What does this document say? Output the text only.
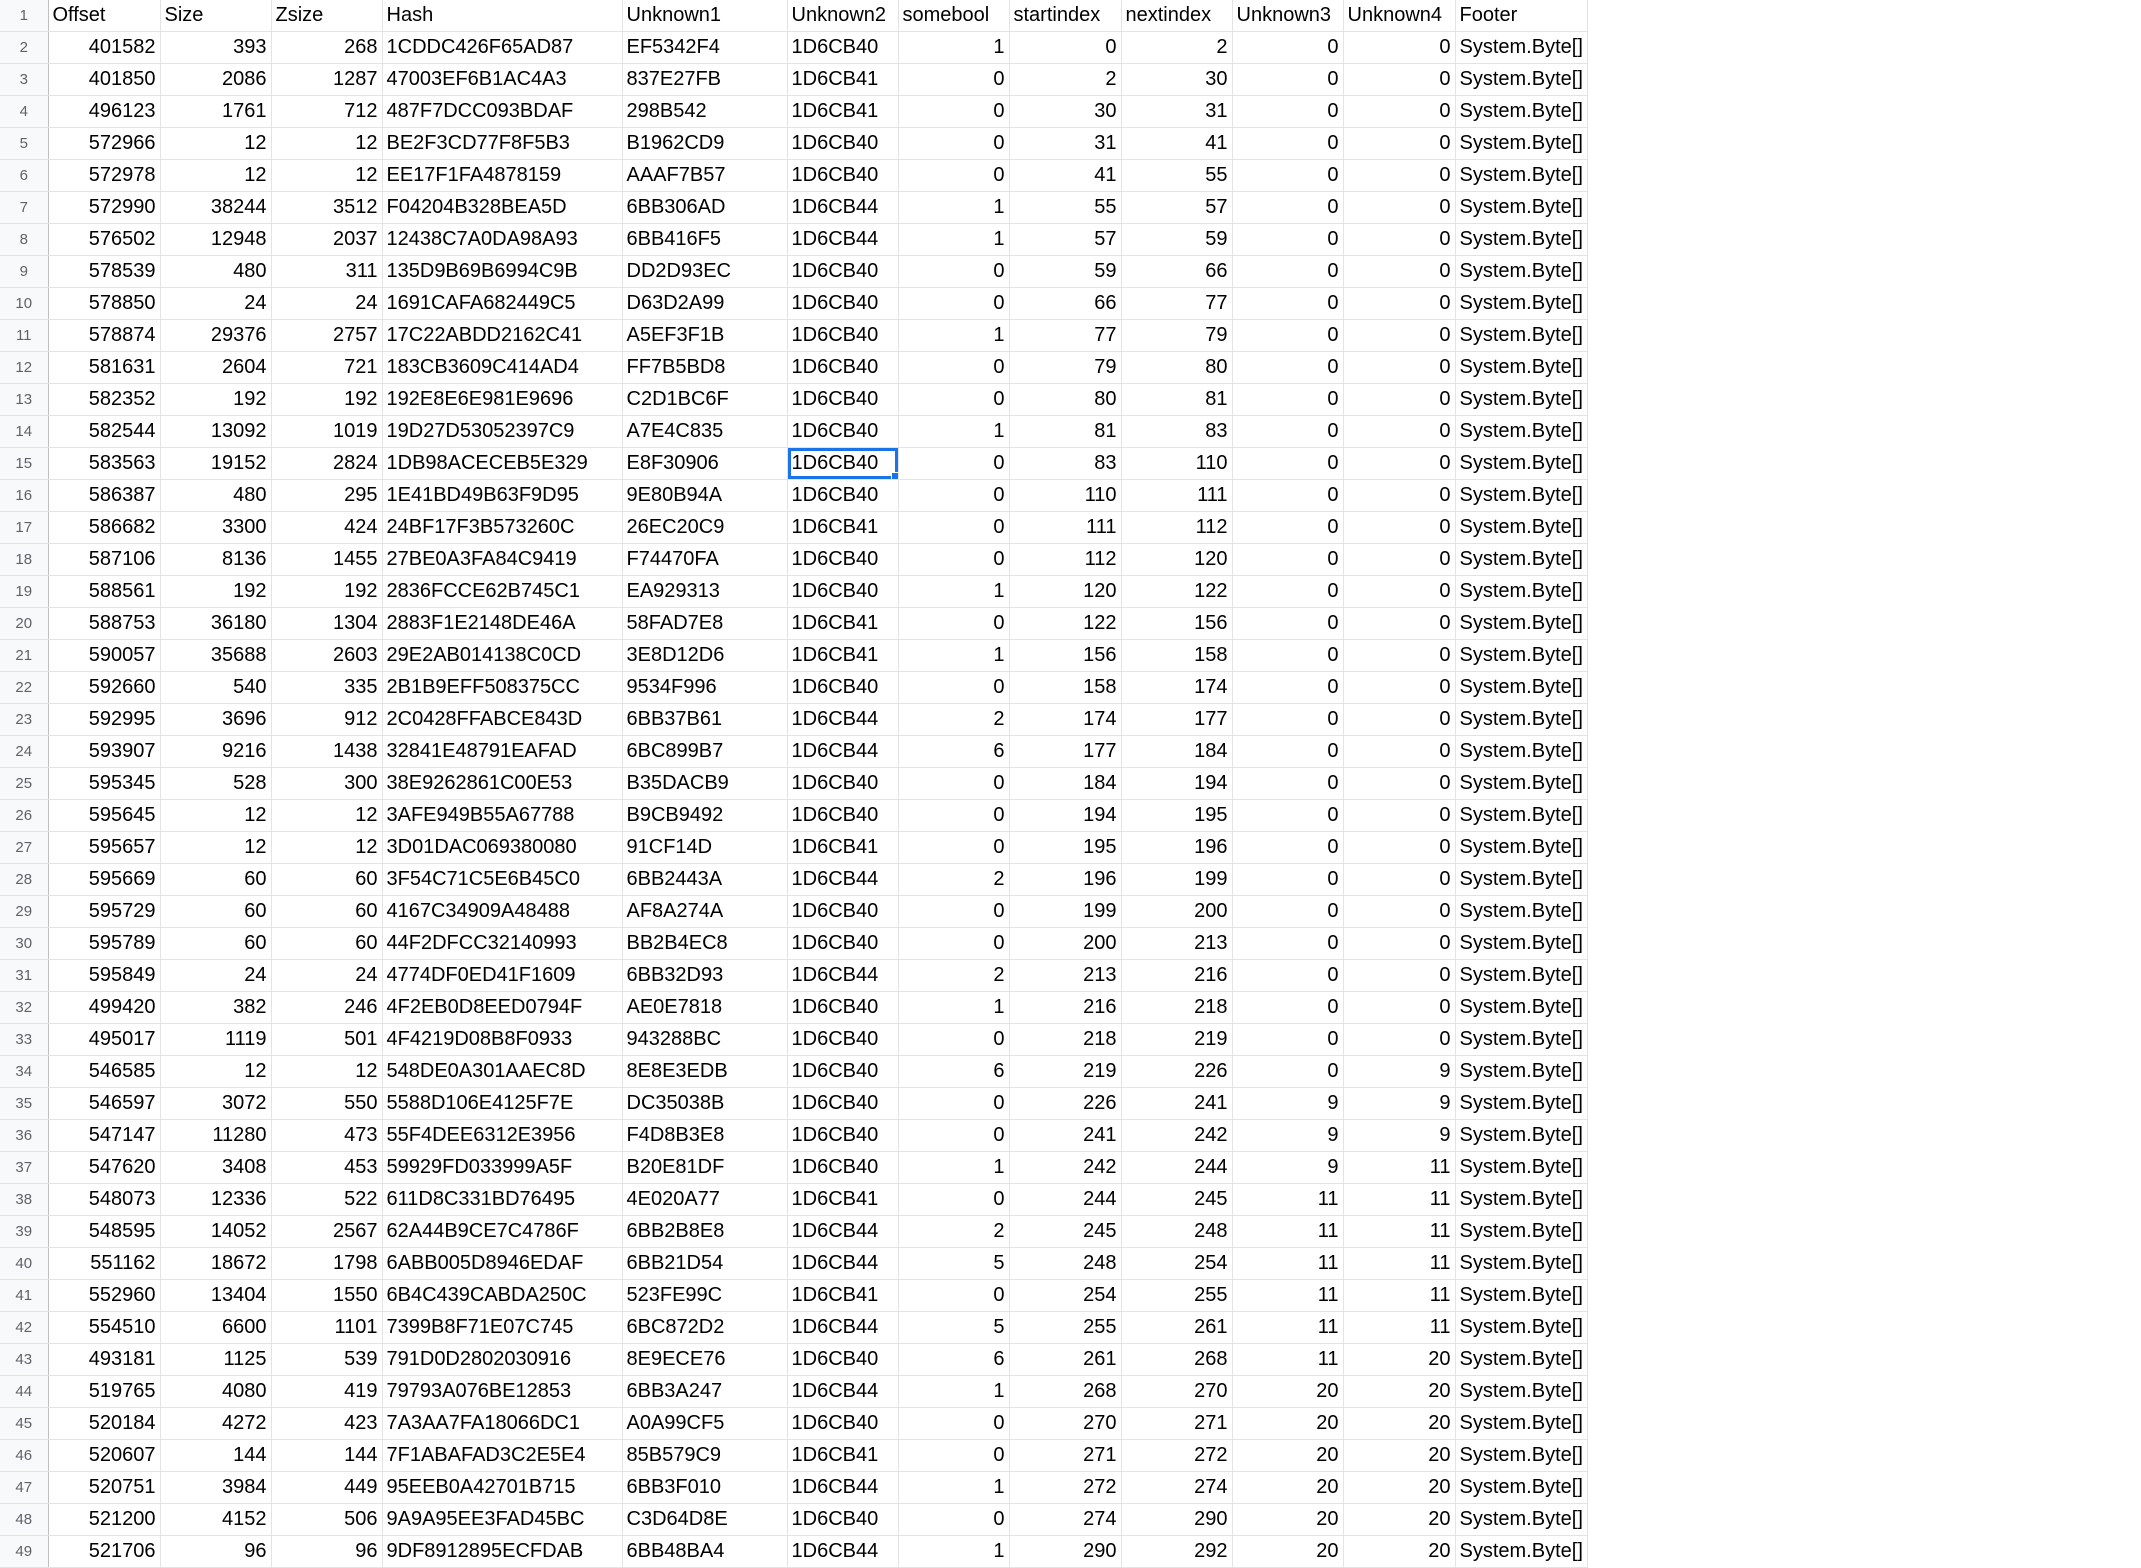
1	Offset	Size	Zsize	Hash	Unknown1	Unknown2	somebool	startindex	nextindex	Unknown3	Unknown4	Footer
2	401582	393	268	1CDDC426F65AD87	EF5342F4	1D6CB40	1	0	2	0	0	System.Byte[]
3	401850	2086	1287	47003EF6B1AC4A3	837E27FB	1D6CB41	0	2	30	0	0	System.Byte[]
4	496123	1761	712	487F7DCC093BDAF	298B542	1D6CB41	0	30	31	0	0	System.Byte[]
5	572966	12	12	BE2F3CD77F8F5B3	B1962CD9	1D6CB40	0	31	41	0	0	System.Byte[]
6	572978	12	12	EE17F1FA4878159	AAAF7B57	1D6CB40	0	41	55	0	0	System.Byte[]
7	572990	38244	3512	F04204B328BEA5D	6BB306AD	1D6CB44	1	55	57	0	0	System.Byte[]
8	576502	12948	2037	12438C7A0DA98A93	6BB416F5	1D6CB44	1	57	59	0	0	System.Byte[]
9	578539	480	311	135D9B69B6994C9B	DD2D93EC	1D6CB40	0	59	66	0	0	System.Byte[]
10	578850	24	24	1691CAFA682449C5	D63D2A99	1D6CB40	0	66	77	0	0	System.Byte[]
11	578874	29376	2757	17C22ABDD2162C41	A5EF3F1B	1D6CB40	1	77	79	0	0	System.Byte[]
12	581631	2604	721	183CB3609C414AD4	FF7B5BD8	1D6CB40	0	79	80	0	0	System.Byte[]
13	582352	192	192	192E8E6E981E9696	C2D1BC6F	1D6CB40	0	80	81	0	0	System.Byte[]
14	582544	13092	1019	19D27D53052397C9	A7E4C835	1D6CB40	1	81	83	0	0	System.Byte[]
15	583563	19152	2824	1DB98ACECEB5E329	E8F30906	1D6CB40	0	83	110	0	0	System.Byte[]
16	586387	480	295	1E41BD49B63F9D95	9E80B94A	1D6CB40	0	110	111	0	0	System.Byte[]
17	586682	3300	424	24BF17F3B573260C	26EC20C9	1D6CB41	0	111	112	0	0	System.Byte[]
18	587106	8136	1455	27BE0A3FA84C9419	F74470FA	1D6CB40	0	112	120	0	0	System.Byte[]
19	588561	192	192	2836FCCE62B745C1	EA929313	1D6CB40	1	120	122	0	0	System.Byte[]
20	588753	36180	1304	2883F1E2148DE46A	58FAD7E8	1D6CB41	0	122	156	0	0	System.Byte[]
21	590057	35688	2603	29E2AB014138C0CD	3E8D12D6	1D6CB41	1	156	158	0	0	System.Byte[]
22	592660	540	335	2B1B9EFF508375CC	9534F996	1D6CB40	0	158	174	0	0	System.Byte[]
23	592995	3696	912	2C0428FFABCE843D	6BB37B61	1D6CB44	2	174	177	0	0	System.Byte[]
24	593907	9216	1438	32841E48791EAFAD	6BC899B7	1D6CB44	6	177	184	0	0	System.Byte[]
25	595345	528	300	38E9262861C00E53	B35DACB9	1D6CB40	0	184	194	0	0	System.Byte[]
26	595645	12	12	3AFE949B55A67788	B9CB9492	1D6CB40	0	194	195	0	0	System.Byte[]
27	595657	12	12	3D01DAC069380080	91CF14D	1D6CB41	0	195	196	0	0	System.Byte[]
28	595669	60	60	3F54C71C5E6B45C0	6BB2443A	1D6CB44	2	196	199	0	0	System.Byte[]
29	595729	60	60	4167C34909A48488	AF8A274A	1D6CB40	0	199	200	0	0	System.Byte[]
30	595789	60	60	44F2DFCC32140993	BB2B4EC8	1D6CB40	0	200	213	0	0	System.Byte[]
31	595849	24	24	4774DF0ED41F1609	6BB32D93	1D6CB44	2	213	216	0	0	System.Byte[]
32	499420	382	246	4F2EB0D8EED0794F	AE0E7818	1D6CB40	1	216	218	0	0	System.Byte[]
33	495017	1119	501	4F4219D08B8F0933	943288BC	1D6CB40	0	218	219	0	0	System.Byte[]
34	546585	12	12	548DE0A301AAEC8D	8E8E3EDB	1D6CB40	6	219	226	0	9	System.Byte[]
35	546597	3072	550	5588D106E4125F7E	DC35038B	1D6CB40	0	226	241	9	9	System.Byte[]
36	547147	11280	473	55F4DEE6312E3956	F4D8B3E8	1D6CB40	0	241	242	9	9	System.Byte[]
37	547620	3408	453	59929FD033999A5F	B20E81DF	1D6CB40	1	242	244	9	11	System.Byte[]
38	548073	12336	522	611D8C331BD76495	4E020A77	1D6CB41	0	244	245	11	11	System.Byte[]
39	548595	14052	2567	62A44B9CE7C4786F	6BB2B8E8	1D6CB44	2	245	248	11	11	System.Byte[]
40	551162	18672	1798	6ABB005D8946EDAF	6BB21D54	1D6CB44	5	248	254	11	11	System.Byte[]
41	552960	13404	1550	6B4C439CABDA250C	523FE99C	1D6CB41	0	254	255	11	11	System.Byte[]
42	554510	6600	1101	7399B8F71E07C745	6BC872D2	1D6CB44	5	255	261	11	11	System.Byte[]
43	493181	1125	539	791D0D2802030916	8E9ECE76	1D6CB40	6	261	268	11	20	System.Byte[]
44	519765	4080	419	79793A076BE12853	6BB3A247	1D6CB44	1	268	270	20	20	System.Byte[]
45	520184	4272	423	7A3AA7FA18066DC1	A0A99CF5	1D6CB40	0	270	271	20	20	System.Byte[]
46	520607	144	144	7F1ABAFAD3C2E5E4	85B579C9	1D6CB41	0	271	272	20	20	System.Byte[]
47	520751	3984	449	95EEB0A42701B715	6BB3F010	1D6CB44	1	272	274	20	20	System.Byte[]
48	521200	4152	506	9A9A95EE3FAD45BC	C3D64D8E	1D6CB40	0	274	290	20	20	System.Byte[]
49	521706	96	96	9DF8912895ECFDAB	6BB48BA4	1D6CB44	1	290	292	20	20	System.Byte[]
